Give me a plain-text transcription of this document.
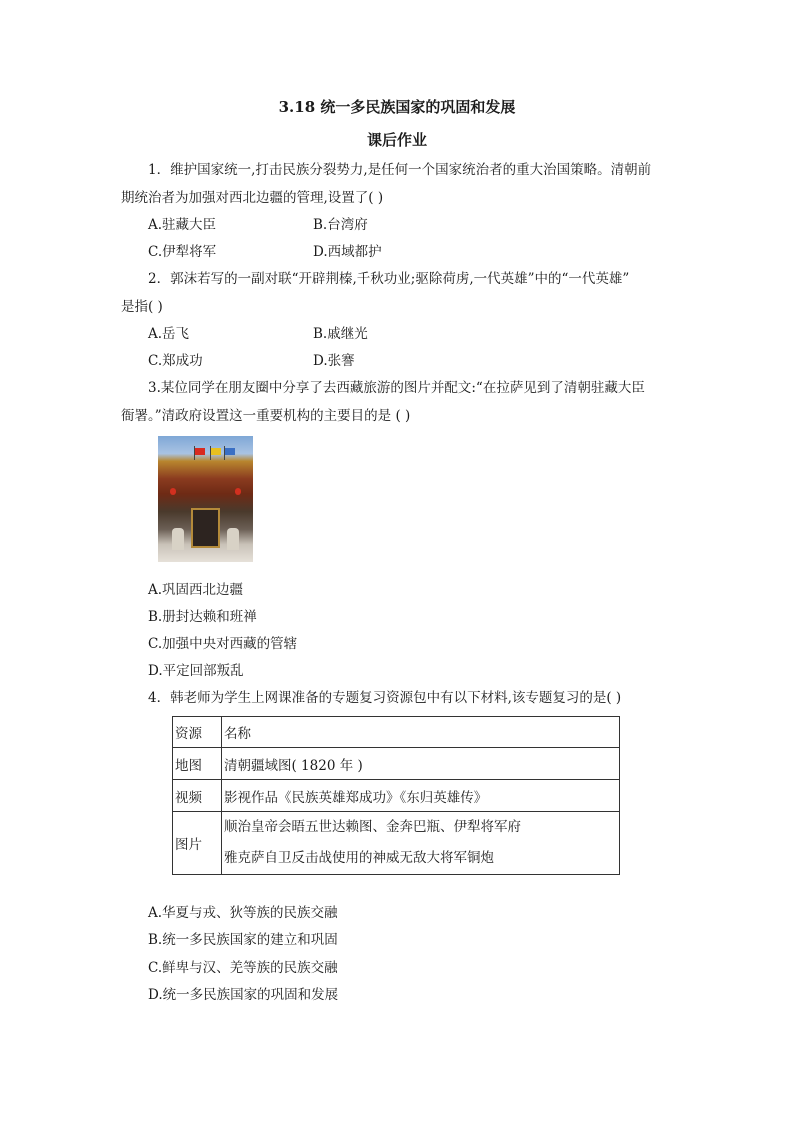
3.18 统一多民族国家的巩固和发展
课后作业
1．维护国家统一,打击民族分裂势力,是任何一个国家统治者的重大治国策略。清朝前
期统治者为加强对西北边疆的管理,设置了( )
A.驻藏大臣	B.台湾府
C.伊犁将军	D.西域都护
2．郭沫若写的一副对联“开辟荆榛,千秋功业;驱除荷虏,一代英雄”中的“一代英雄”
是指( )
A.岳飞	B.戚继光
C.郑成功	D.张謇
3.某位同学在朋友圈中分享了去西藏旅游的图片并配文:“在拉萨见到了清朝驻藏大臣
衙署。”清政府设置这一重要机构的主要目的是 ( )
A.巩固西北边疆
B.册封达赖和班禅
C.加强中央对西藏的管辖
D.平定回部叛乱
4．韩老师为学生上网课准备的专题复习资源包中有以下材料,该专题复习的是( )
资源	名称
地图	清朝疆域图( 1820 年 )
视频	影视作品《民族英雄郑成功》《东归英雄传》
图片	顺治皇帝会晤五世达赖图、金奔巴瓶、伊犁将军府
雅克萨自卫反击战使用的神威无敌大将军铜炮
A.华夏与戎、狄等族的民族交融
B.统一多民族国家的建立和巩固
C.鲜卑与汉、羌等族的民族交融
D.统一多民族国家的巩固和发展
